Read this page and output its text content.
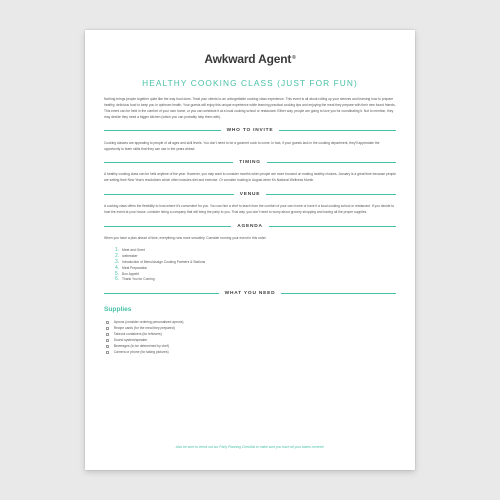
Awkward Agent®
HEALTHY COOKING CLASS (JUST FOR FUN)

Nothing brings people together quite like the way food does. Treat your clients to an unforgettable cooking class experience. This event is all about rolling up your sleeves and learning how to prepare healthy, delicious food to keep you in optimum health. Your guests will enjoy this unique experience while learning practical cooking tips and enjoying the meal they prepare with their new found friends. This event can be held in the comfort of your own home, or you can schedule it at a local cooking school or restaurant. Either way, people are going to love you for coordinating it. Not to mention, they may decide they need a bigger kitchen (which you can probably help them with).

WHO TO INVITE

Cooking classes are appealing to people of all ages and skill levels. You don't need to be a gourmet cook to come. In fact, if your guests lack in the cooking department, they'll appreciate the opportunity to learn skills that they can use in the years ahead.

TIMING

A healthy cooking class can be held anytime of the year. However, you may want to consider months when people are more focused on making healthy choices. January is a great time because people are setting their New Year's resolutions which often includes diet and exercise. Or consider hosting in August when it's National Wellness Month.

VENUE

A cooking class offers the flexibility to host where it's convenient for you. You can hire a chef to teach from the comfort of your own home or have it a local cooking school or restaurant. If you decide to host the event at your house, consider hiring a company that will bring the party to you. That way, you don't need to worry about grocery shopping and having all the proper supplies.

AGENDA

When you have a plan ahead of time, everything runs more smoothly. Consider running your event in this order.

1. Meet and Greet
2. Icebreaker
3. Introduction of Menu/Assign Cooking Partners & Stations
4. Meal Preparation
5. Bon Appetit
6. Thank You for Coming
WHAT YOU NEED
Supplies
Aprons (consider ordering personalized aprons)
Recipe cards (for the meal they prepared)
Takeout containers (for leftovers)
Sound system/speaker
Beverages (to be determined by chef)
Camera or phone (for taking pictures)
Also be sure to check out our Party Planning Checklist to make sure you have all your bases covered.
